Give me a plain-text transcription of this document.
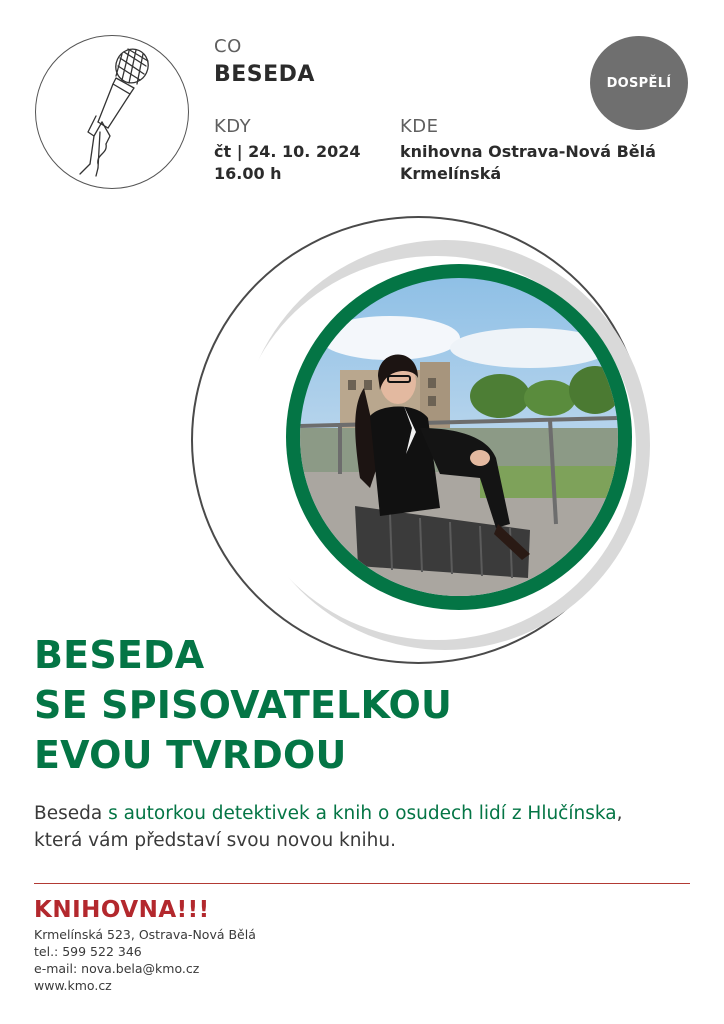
CO
BESEDA
KDY
čt | 24. 10. 2024
16.00 h
KDE
knihovna Ostrava-Nová Bělá
Krmelínská
DOSPĚLÍ
BESEDA
SE SPISOVATELKOU
EVOU TVRDOU
Beseda s autorkou detektivek a knih o osudech lidí z Hlučínska,
která vám představí svou novou knihu.
KNIHOVNA!!!
Krmelínská 523, Ostrava-Nová Bělá
tel.: 599 522 346
e-mail: nova.bela@kmo.cz
www.kmo.cz
